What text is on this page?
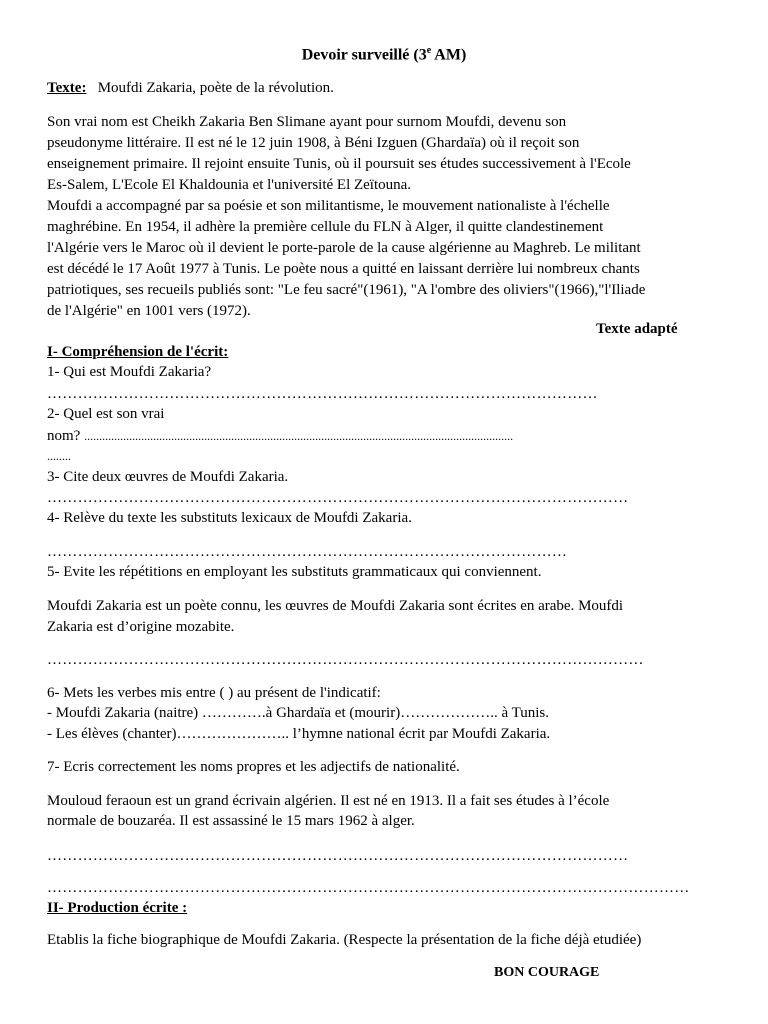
Devoir surveillé (3e AM)
Texte: Moufdi Zakaria, poète de la révolution.
Son vrai nom est Cheikh Zakaria Ben Slimane ayant pour surnom Moufdi, devenu son
pseudonyme littéraire. Il est né le 12 juin 1908, à Béni Izguen (Ghardaïa) où il reçoit son
enseignement primaire. Il rejoint ensuite Tunis, où il poursuit ses études successivement à l'Ecole
Es-Salem, L'Ecole El Khaldounia et l'université El Zeïtouna.
Moufdi a accompagné par sa poésie et son militantisme, le mouvement nationaliste à l'échelle
maghrébine. En 1954, il adhère la première cellule du FLN à Alger, il quitte clandestinement
l'Algérie vers le Maroc où il devient le porte-parole de la cause algérienne au Maghreb. Le militant
est décédé le 17 Août 1977 à Tunis. Le poète nous a quitté en laissant derrière lui nombreux chants
patriotiques, ses recueils publiés sont: "Le feu sacré"(1961), "A l'ombre des oliviers"(1966),"l'Iliade
de l'Algérie" en 1001 vers (1972).
Texte adapté
I- Compréhension de l'écrit:
1- Qui est Moufdi Zakaria?
………………………………………………………………………………………………
2- Quel est son vrai
nom? ...............................................................................................................................................
........
3- Cite deux œuvres de Moufdi Zakaria.
……………………………………………………………………………………………………
4- Relève du texte les substituts lexicaux de Moufdi Zakaria.
…………………………………………………………………………………………
5- Evite les répétitions en employant les substituts grammaticaux qui conviennent.
Moufdi Zakaria est un poète connu, les œuvres de Moufdi Zakaria sont écrites en arabe. Moufdi
Zakaria est d’origine mozabite.
………………………………………………………………………………………………………
6- Mets les verbes mis entre ( ) au présent de l'indicatif:
- Moufdi Zakaria (naitre) ………….à Ghardaïa et (mourir)……………….. à Tunis.
- Les élèves (chanter)………………….. l’hymne national écrit par Moufdi Zakaria.
7- Ecris correctement les noms propres et les adjectifs de nationalité.
Mouloud feraoun est un grand écrivain algérien. Il est né en 1913. Il a fait ses études à l’école
normale de bouzaréa. Il est assassiné le 15 mars 1962 à alger.
……………………………………………………………………………………………………
………………………………………………………………………………………………………………
II- Production écrite :
Etablis la fiche biographique de Moufdi Zakaria. (Respecte la présentation de la fiche déjà etudiée)
BON COURAGE
